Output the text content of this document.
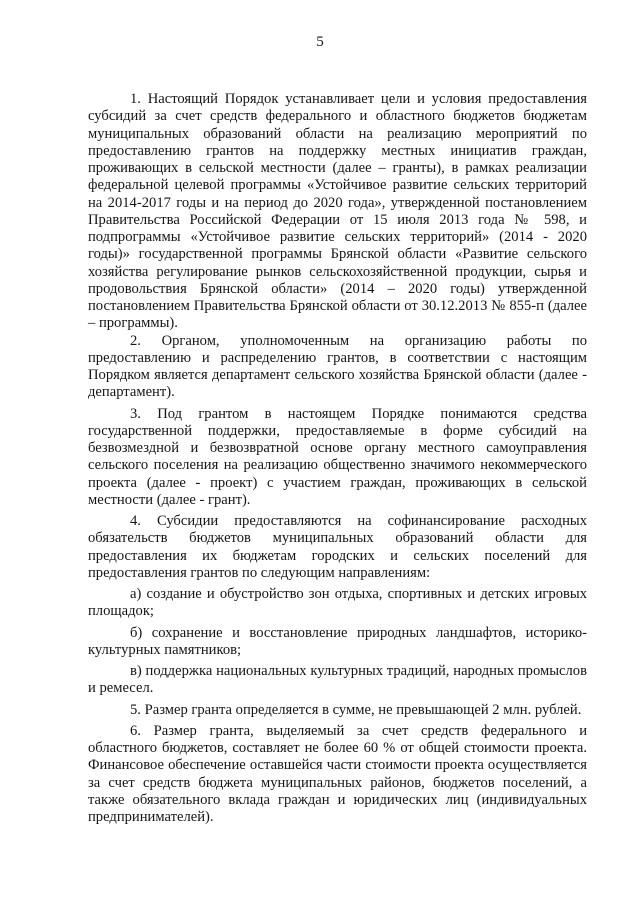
5

1. Настоящий Порядок устанавливает цели и условия предоставления субсидий за счет средств федерального и областного бюджетов бюджетам муниципальных образований области на реализацию мероприятий по предоставлению грантов на поддержку местных инициатив граждан, проживающих в сельской местности (далее – гранты), в рамках реализации федеральной целевой программы «Устойчивое развитие сельских территорий на 2014-2017 годы и на период до 2020 года», утвержденной постановлением Правительства Российской Федерации от 15 июля 2013 года № 598, и подпрограммы «Устойчивое развитие сельских территорий» (2014 - 2020 годы)» государственной программы Брянской области «Развитие сельского хозяйства регулирование рынков сельскохозяйственной продукции, сырья и продовольствия Брянской области» (2014 – 2020 годы) утвержденной постановлением Правительства Брянской области от 30.12.2013 № 855-п (далее – программы).

2. Органом, уполномоченным на организацию работы по предоставлению и распределению грантов, в соответствии с настоящим Порядком является департамент сельского хозяйства Брянской области (далее - департамент).

3. Под грантом в настоящем Порядке понимаются средства государственной поддержки, предоставляемые в форме субсидий на безвозмездной и безвозвратной основе органу местного самоуправления сельского поселения на реализацию общественно значимого некоммерческого проекта (далее - проект) с участием граждан, проживающих в сельской местности (далее - грант).

4. Субсидии предоставляются на софинансирование расходных обязательств бюджетов муниципальных образований области для предоставления их бюджетам городских и сельских поселений для предоставления грантов по следующим направлениям:

а) создание и обустройство зон отдыха, спортивных и детских игровых площадок;

б) сохранение и восстановление природных ландшафтов, историко-культурных памятников;

в) поддержка национальных культурных традиций, народных промыслов и ремесел.

5. Размер гранта определяется в сумме, не превышающей 2 млн. рублей.

6. Размер гранта, выделяемый за счет средств федерального и областного бюджетов, составляет не более 60 % от общей стоимости проекта. Финансовое обеспечение оставшейся части стоимости проекта осуществляется за счет средств бюджета муниципальных районов, бюджетов поселений, а также обязательного вклада граждан и юридических лиц (индивидуальных предпринимателей).
